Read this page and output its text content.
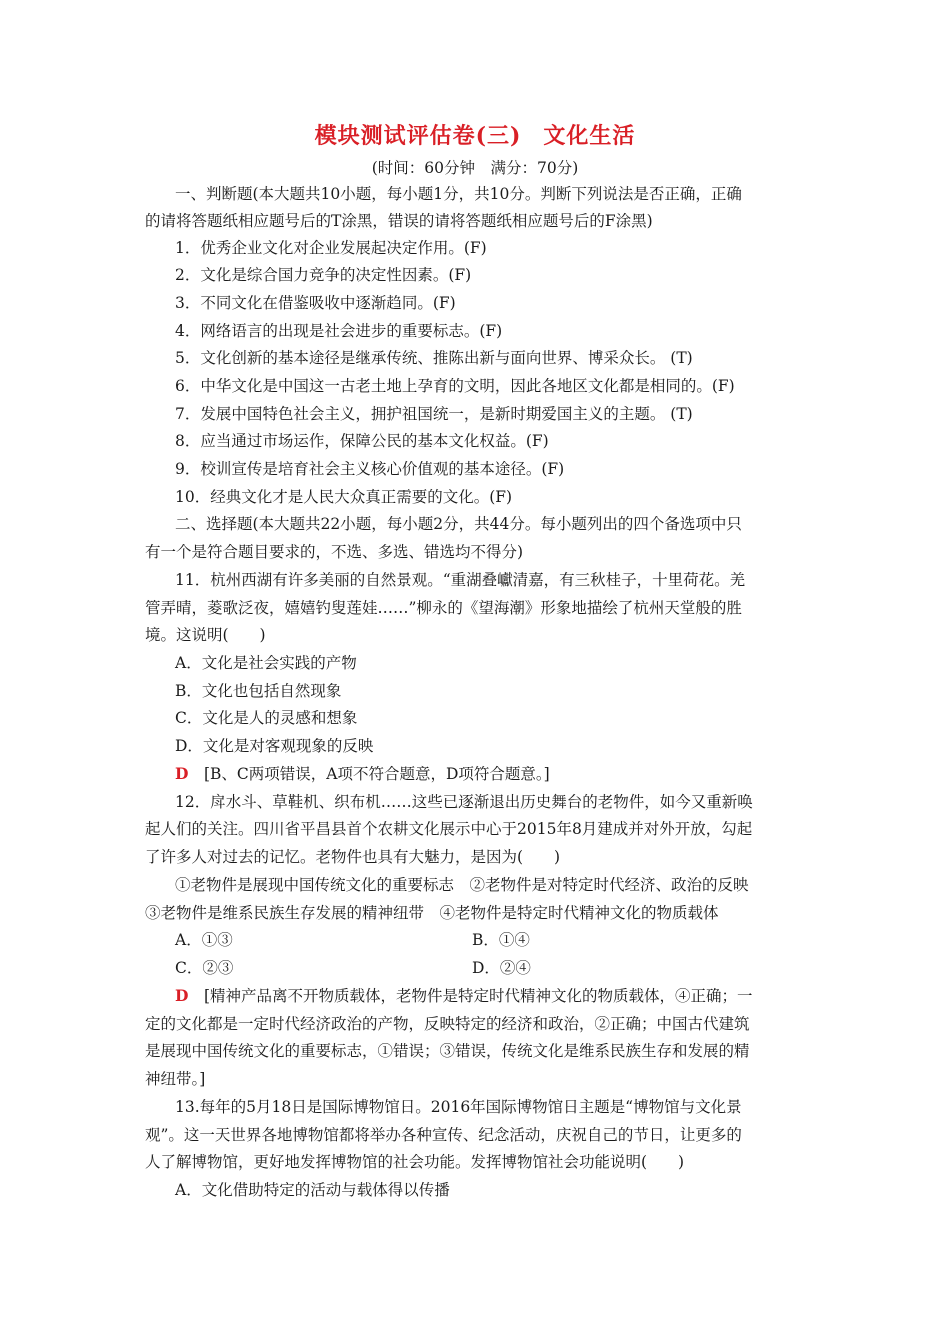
模块测试评估卷(三) 文化生活
(时间：60分钟　满分：70分)
一、判断题(本大题共10小题，每小题1分，共10分。判断下列说法是否正确，正确
的请将答题纸相应题号后的T涂黑，错误的请将答题纸相应题号后的F涂黑)
1．优秀企业文化对企业发展起决定作用。(F)
2．文化是综合国力竞争的决定性因素。(F)
3．不同文化在借鉴吸收中逐渐趋同。(F)
4．网络语言的出现是社会进步的重要标志。(F)
5．文化创新的基本途径是继承传统、推陈出新与面向世界、博采众长。 (T)
6．中华文化是中国这一古老土地上孕育的文明，因此各地区文化都是相同的。(F)
7．发展中国特色社会主义，拥护祖国统一，是新时期爱国主义的主题。 (T)
8．应当通过市场运作，保障公民的基本文化权益。(F)
9．校训宣传是培育社会主义核心价值观的基本途径。(F)
10．经典文化才是人民大众真正需要的文化。(F)
二、选择题(本大题共22小题，每小题2分，共44分。每小题列出的四个备选项中只
有一个是符合题目要求的，不选、多选、错选均不得分)
11．杭州西湖有许多美丽的自然景观。“重湖叠巘清嘉，有三秋桂子，十里荷花。羌
管弄晴，菱歌泛夜，嬉嬉钓叟莲娃……”柳永的《望海潮》形象地描绘了杭州天堂般的胜
境。这说明(　　)
A．文化是社会实践的产物
B．文化也包括自然现象
C．文化是人的灵感和想象
D．文化是对客观现象的反映
D　 [B、C两项错误，A项不符合题意，D项符合题意。]
12．戽水斗、草鞋机、织布机……这些已逐渐退出历史舞台的老物件，如今又重新唤
起人们的关注。四川省平昌县首个农耕文化展示中心于2015年8月建成并对外开放，勾起
了许多人对过去的记忆。老物件也具有大魅力，是因为(　　)
①老物件是展现中国传统文化的重要标志　②老物件是对特定时代经济、政治的反映
③老物件是维系民族生存发展的精神纽带　④老物件是特定时代精神文化的物质载体
A．①③	B．①④
C．②③	D．②④
D　 [精神产品离不开物质载体，老物件是特定时代精神文化的物质载体，④正确；一
定的文化都是一定时代经济政治的产物，反映特定的经济和政治，②正确；中国古代建筑
是展现中国传统文化的重要标志，①错误；③错误，传统文化是维系民族生存和发展的精
神纽带。]
13.每年的5月18日是国际博物馆日。2016年国际博物馆日主题是“博物馆与文化景
观”。这一天世界各地博物馆都将举办各种宣传、纪念活动，庆祝自己的节日，让更多的
人了解博物馆，更好地发挥博物馆的社会功能。发挥博物馆社会功能说明(　　)
A．文化借助特定的活动与载体得以传播
